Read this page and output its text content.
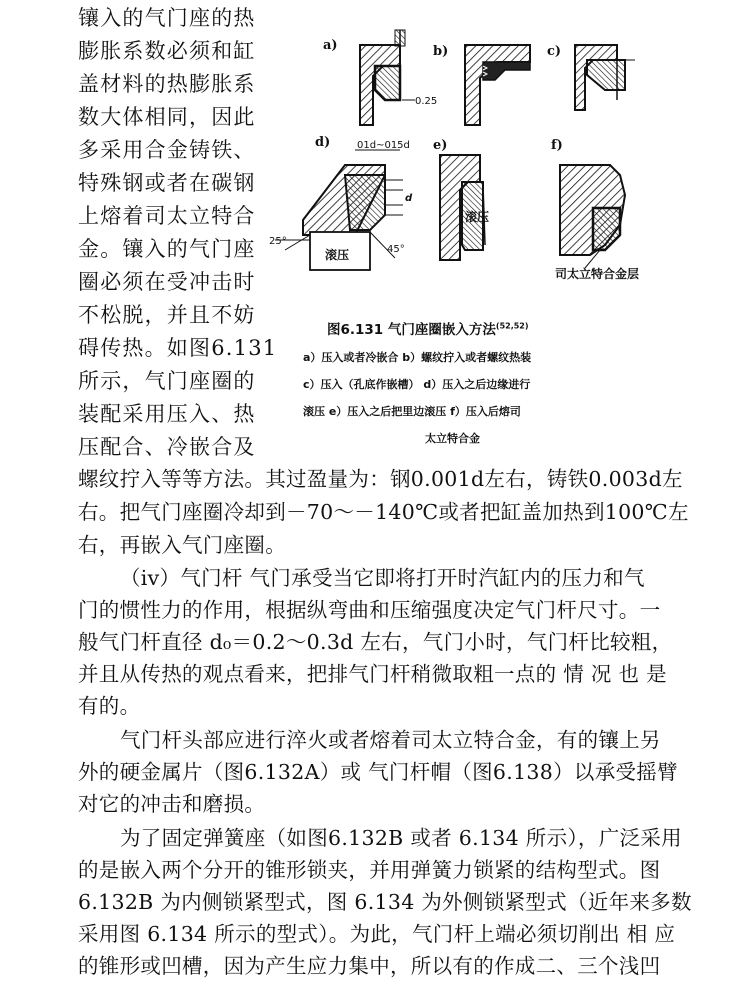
镶入的气门座的热
膨胀系数必须和缸
盖材料的热膨胀系
数大体相同，因此
多采用合金铸铁、
特殊钢或者在碳钢
上熔着司太立特合
金。镶入的气门座
圈必须在受冲击时
不松脱，并且不妨
碍传热。如图6.131
所示，气门座圈的
装配采用压入、热
压配合、冷嵌合及
a)	b)	c)
d)	e)	f)
0.25
01d~015d
d
25°
45°
滚压
滚压
司太立特合金层
图6.131 气门座圈嵌入方法$^{(52,52)}$
a）压入或者冷嵌合 b）螺纹拧入或者螺纹热装
c）压入（孔底作嵌槽） d）压入之后边缘进行
滚压 e）压入之后把里边滚压 f）压入后熔司
太立特合金
螺纹拧入等等方法。其过盈量为：钢0.001d左右，铸铁0.003d左
右。把气门座圈冷却到－70～－140℃或者把缸盖加热到100℃左
右，再嵌入气门座圈。
（iv）气门杆 气门承受当它即将打开时汽缸内的压力和气
门的惯性力的作用，根据纵弯曲和压缩强度决定气门杆尺寸。一
般气门杆直径 d₀＝0.2～0.3d 左右，气门小时，气门杆比较粗，
并且从传热的观点看来，把排气门杆稍微取粗一点的 情 况 也 是
有的。
气门杆头部应进行淬火或者熔着司太立特合金，有的镶上另
外的硬金属片（图6.132A）或 气门杆帽（图6.138）以承受摇臂
对它的冲击和磨损。
为了固定弹簧座（如图6.132B 或者 6.134 所示），广泛采用
的是嵌入两个分开的锥形锁夹，并用弹簧力锁紧的结构型式。图
6.132B 为内侧锁紧型式，图 6.134 为外侧锁紧型式（近年来多数
采用图 6.134 所示的型式）。为此，气门杆上端必须切削出 相 应
的锥形或凹槽，因为产生应力集中，所以有的作成二、三个浅凹
